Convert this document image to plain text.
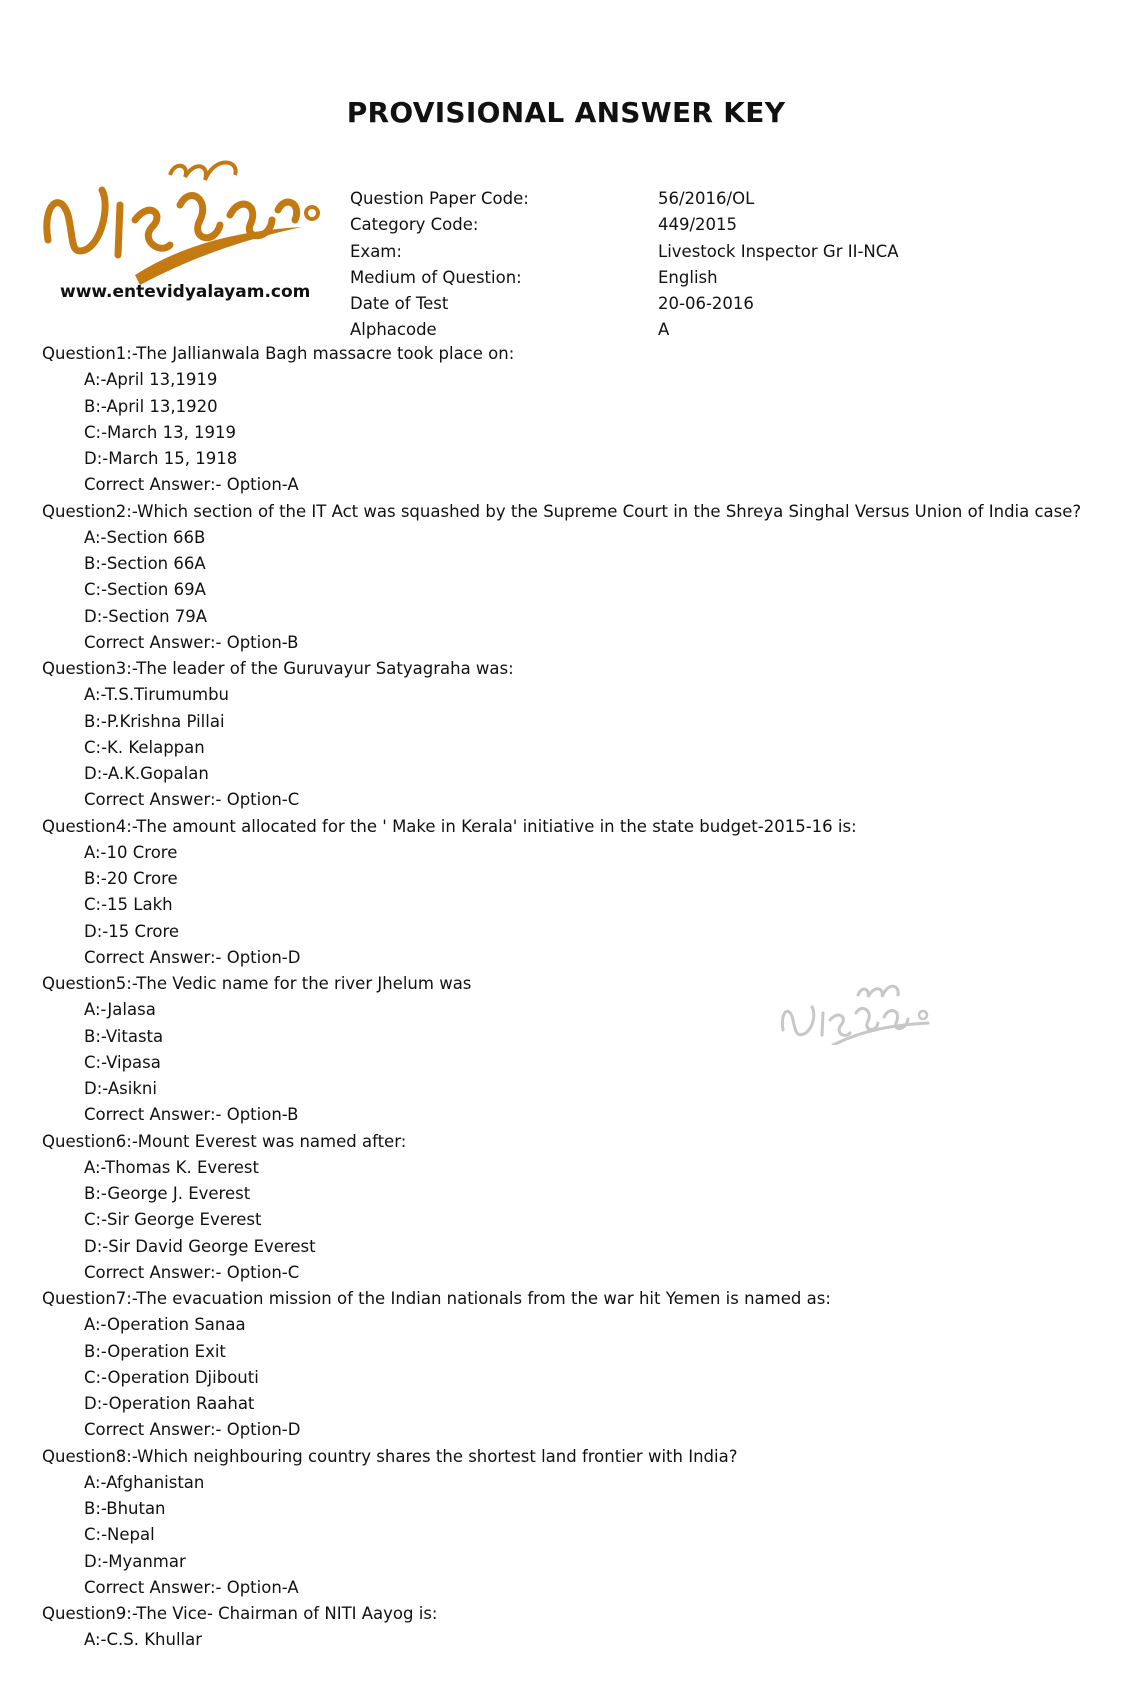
PROVISIONAL ANSWER KEY
www.entevidyalayam.com
Question Paper Code:	56/2016/OL
Category Code:	449/2015
Exam:	Livestock Inspector Gr II-NCA
Medium of Question:	English
Date of Test	20-06-2016
Alphacode	A
Question1:-The Jallianwala Bagh massacre took place on:
A:-April 13,1919
B:-April 13,1920
C:-March 13, 1919
D:-March 15, 1918
Correct Answer:- Option-A
Question2:-Which section of the IT Act was squashed by the Supreme Court in the Shreya Singhal Versus Union of India case?
A:-Section 66B
B:-Section 66A
C:-Section 69A
D:-Section 79A
Correct Answer:- Option-B
Question3:-The leader of the Guruvayur Satyagraha was:
A:-T.S.Tirumumbu
B:-P.Krishna Pillai
C:-K. Kelappan
D:-A.K.Gopalan
Correct Answer:- Option-C
Question4:-The amount allocated for the ' Make in Kerala' initiative in the state budget-2015-16 is:
A:-10 Crore
B:-20 Crore
C:-15 Lakh
D:-15 Crore
Correct Answer:- Option-D
Question5:-The Vedic name for the river Jhelum was
A:-Jalasa
B:-Vitasta
C:-Vipasa
D:-Asikni
Correct Answer:- Option-B
Question6:-Mount Everest was named after:
A:-Thomas K. Everest
B:-George J. Everest
C:-Sir George Everest
D:-Sir David George Everest
Correct Answer:- Option-C
Question7:-The evacuation mission of the Indian nationals from the war hit Yemen is named as:
A:-Operation Sanaa
B:-Operation Exit
C:-Operation Djibouti
D:-Operation Raahat
Correct Answer:- Option-D
Question8:-Which neighbouring country shares the shortest land frontier with India?
A:-Afghanistan
B:-Bhutan
C:-Nepal
D:-Myanmar
Correct Answer:- Option-A
Question9:-The Vice- Chairman of NITI Aayog is:
A:-C.S. Khullar
